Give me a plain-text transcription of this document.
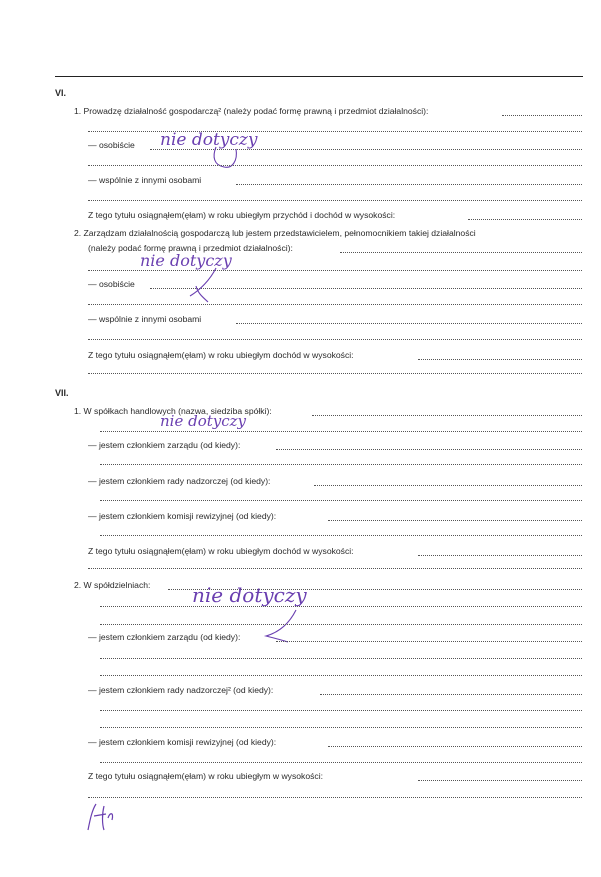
VI.
1. Prowadzę działalność gospodarczą² (należy podać formę prawną i przedmiot działalności):
— osobiście nie dotyczy
— wspólnie z innymi osobami
Z tego tytułu osiągnąłem(ęłam) w roku ubiegłym przychód i dochód w wysokości:
2. Zarządzam działalnością gospodarczą lub jestem przedstawicielem, pełnomocnikiem takiej działalności
(należy podać formę prawną i przedmiot działalności):
nie dotyczy
— osobiście
— wspólnie z innymi osobami
Z tego tytułu osiągnąłem(ęłam) w roku ubiegłym dochód w wysokości:
VII.
1. W spółkach handlowych (nazwa, siedziba spółki):
nie dotyczy
— jestem członkiem zarządu (od kiedy):
— jestem członkiem rady nadzorczej (od kiedy):
— jestem członkiem komisji rewizyjnej (od kiedy):
Z tego tytułu osiągnąłem(ęłam) w roku ubiegłym dochód w wysokości:
2. W spółdzielniach: nie dotyczy
— jestem członkiem zarządu (od kiedy):
— jestem członkiem rady nadzorczej² (od kiedy):
— jestem członkiem komisji rewizyjnej (od kiedy):
Z tego tytułu osiągnąłem(ęłam) w roku ubiegłym w wysokości:
